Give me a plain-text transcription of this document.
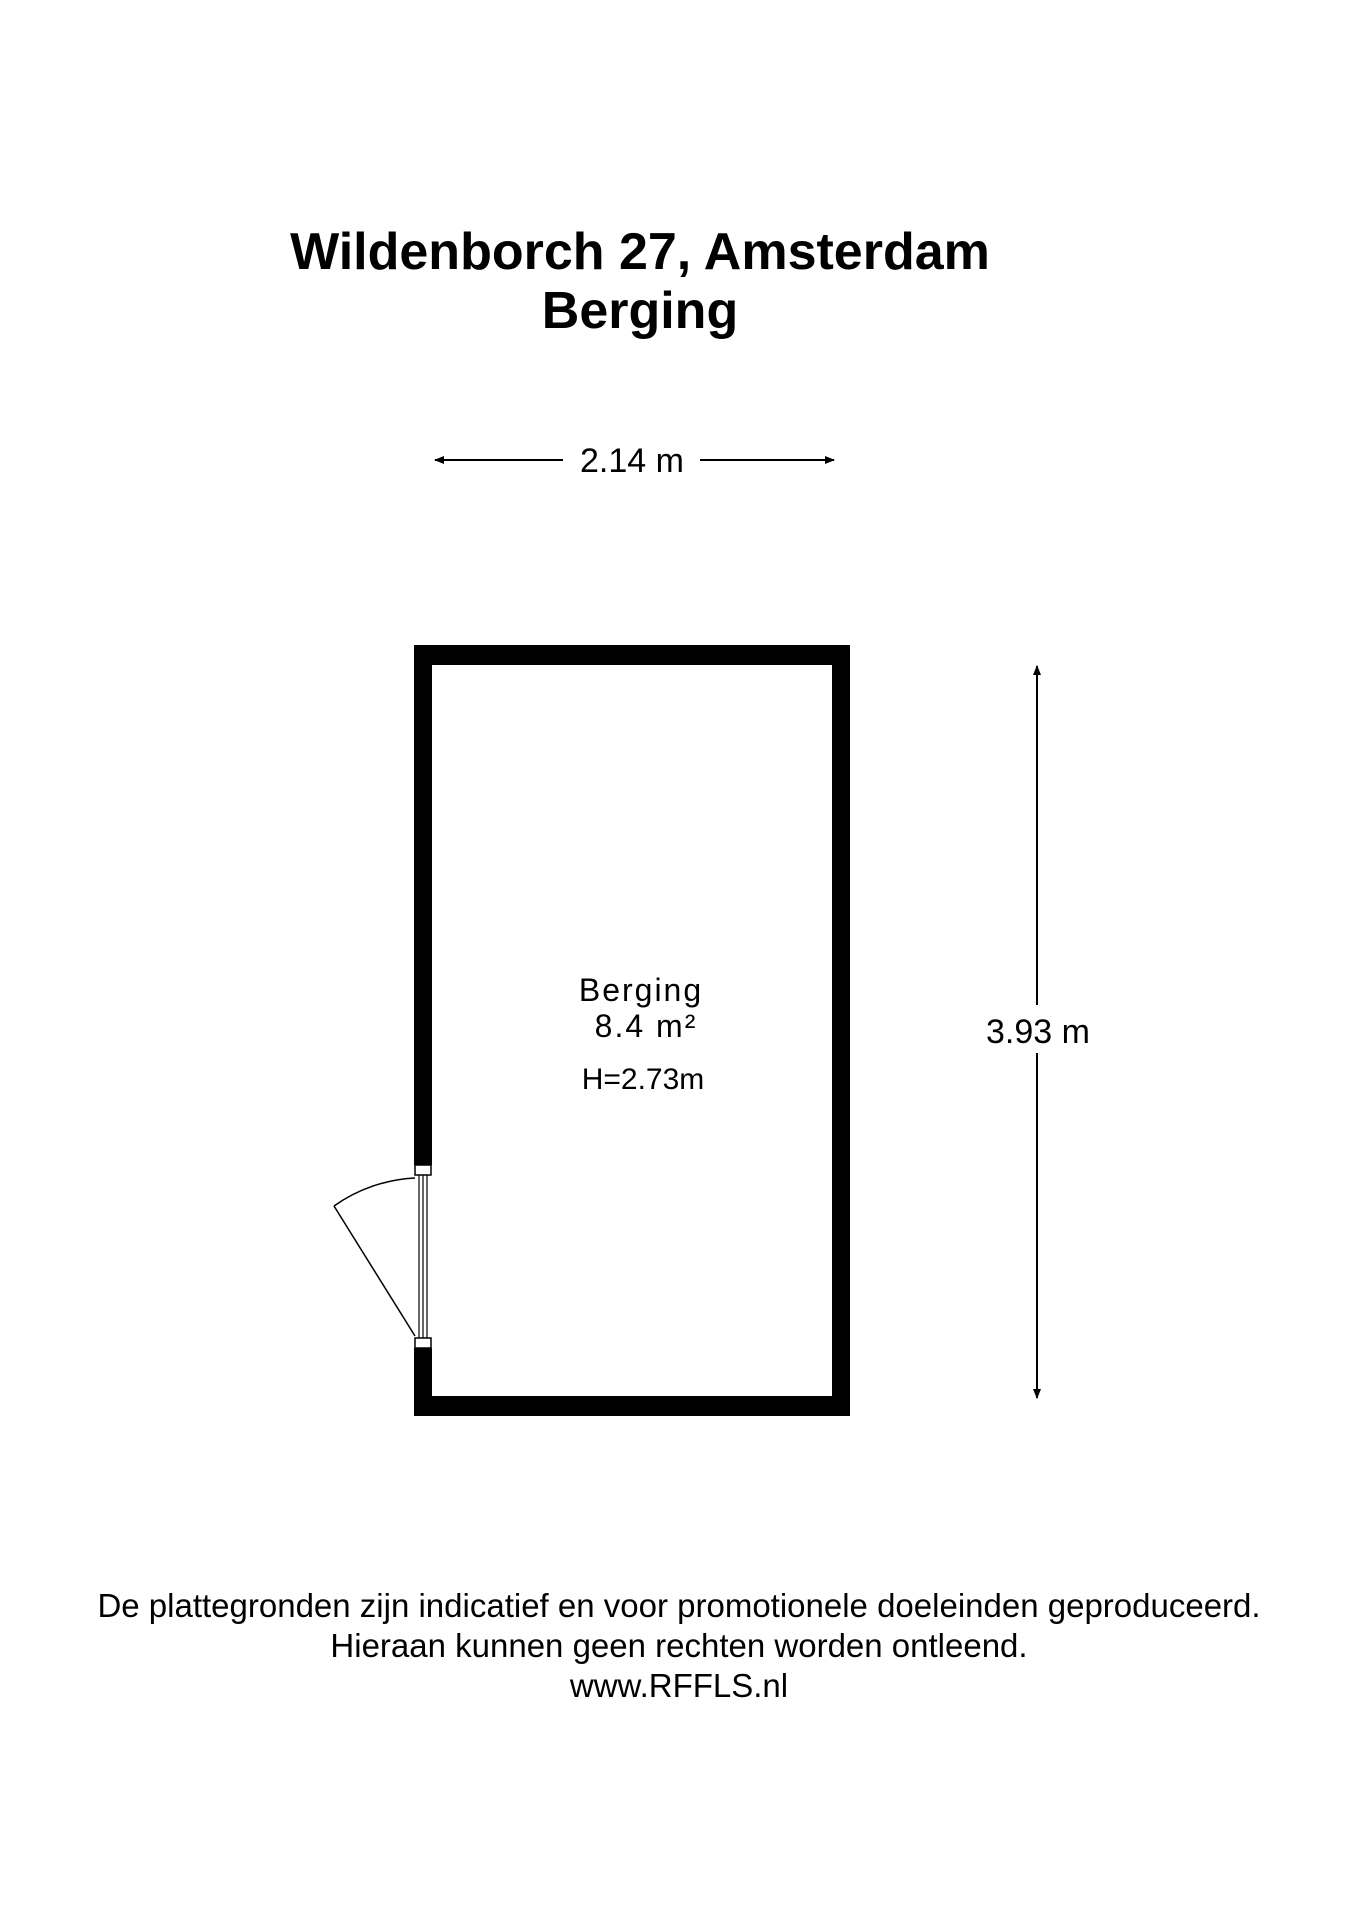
Wildenborch 27, Amsterdam
Berging
2.14 m
3.93 m
Berging
8.4 m²
H=2.73m
De plattegronden zijn indicatief en voor promotionele doeleinden geproduceerd.
Hieraan kunnen geen rechten worden ontleend.
www.RFFLS.nl
